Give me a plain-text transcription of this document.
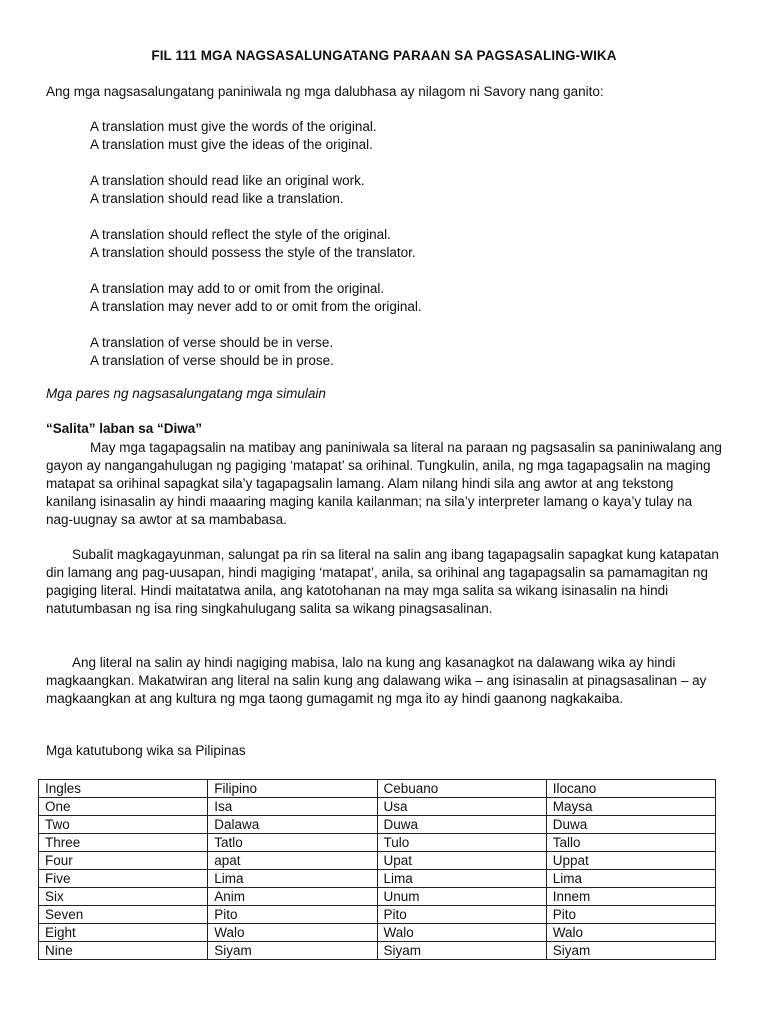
FIL 111 MGA NAGSASALUNGATANG PARAAN SA PAGSASALING-WIKA
Ang mga nagsasalungatang paniniwala ng mga dalubhasa ay nilagom ni Savory nang ganito:
A translation must give the words of the original.
A translation must give the ideas of the original.
A translation should read like an original work.
A translation should read like a translation.
A translation should reflect the style of the original.
A translation should possess the style of the translator.
A translation may add to or omit from the original.
A translation may never add to or omit from the original.
A translation of verse should be in verse.
A translation of verse should be in prose.
Mga pares ng nagsasalungatang mga simulain
“Salita” laban sa “Diwa”

May mga tagapagsalin na matibay ang paniniwala sa literal na paraan ng pagsasalin sa paniniwalang ang gayon ay nangangahulugan ng pagiging ‘matapat’ sa orihinal. Tungkulin, anila, ng mga tagapagsalin na maging matapat sa orihinal sapagkat sila’y tagapagsalin lamang. Alam nilang hindi sila ang awtor at ang tekstong kanilang isinasalin ay hindi maaaring maging kanila kailanman; na sila’y interpreter lamang o kaya’y tulay na nag-uugnay sa awtor at sa mambabasa.

Subalit magkagayunman, salungat pa rin sa literal na salin ang ibang tagapagsalin sapagkat kung katapatan din lamang ang pag-uusapan, hindi magiging ‘matapat’, anila, sa orihinal ang tagapagsalin sa pamamagitan ng pagiging literal. Hindi maitatatwa anila, ang katotohanan na may mga salita sa wikang isinasalin na hindi natutumbasan ng isa ring singkahulugang salita sa wikang pinagsasalinan.

Ang literal na salin ay hindi nagiging mabisa, lalo na kung ang kasanagkot na dalawang wika ay hindi magkaangkan. Makatwiran ang literal na salin kung ang dalawang wika – ang isinasalin at pinagsasalinan – ay magkaangkan at ang kultura ng mga taong gumagamit ng mga ito ay hindi gaanong nagkakaiba.

Mga katutubong wika sa Pilipinas
Ingles	Filipino	Cebuano	Ilocano
One	Isa	Usa	Maysa
Two	Dalawa	Duwa	Duwa
Three	Tatlo	Tulo	Tallo
Four	apat	Upat	Uppat
Five	Lima	Lima	Lima
Six	Anim	Unum	Innem
Seven	Pito	Pito	Pito
Eight	Walo	Walo	Walo
Nine	Siyam	Siyam	Siyam
